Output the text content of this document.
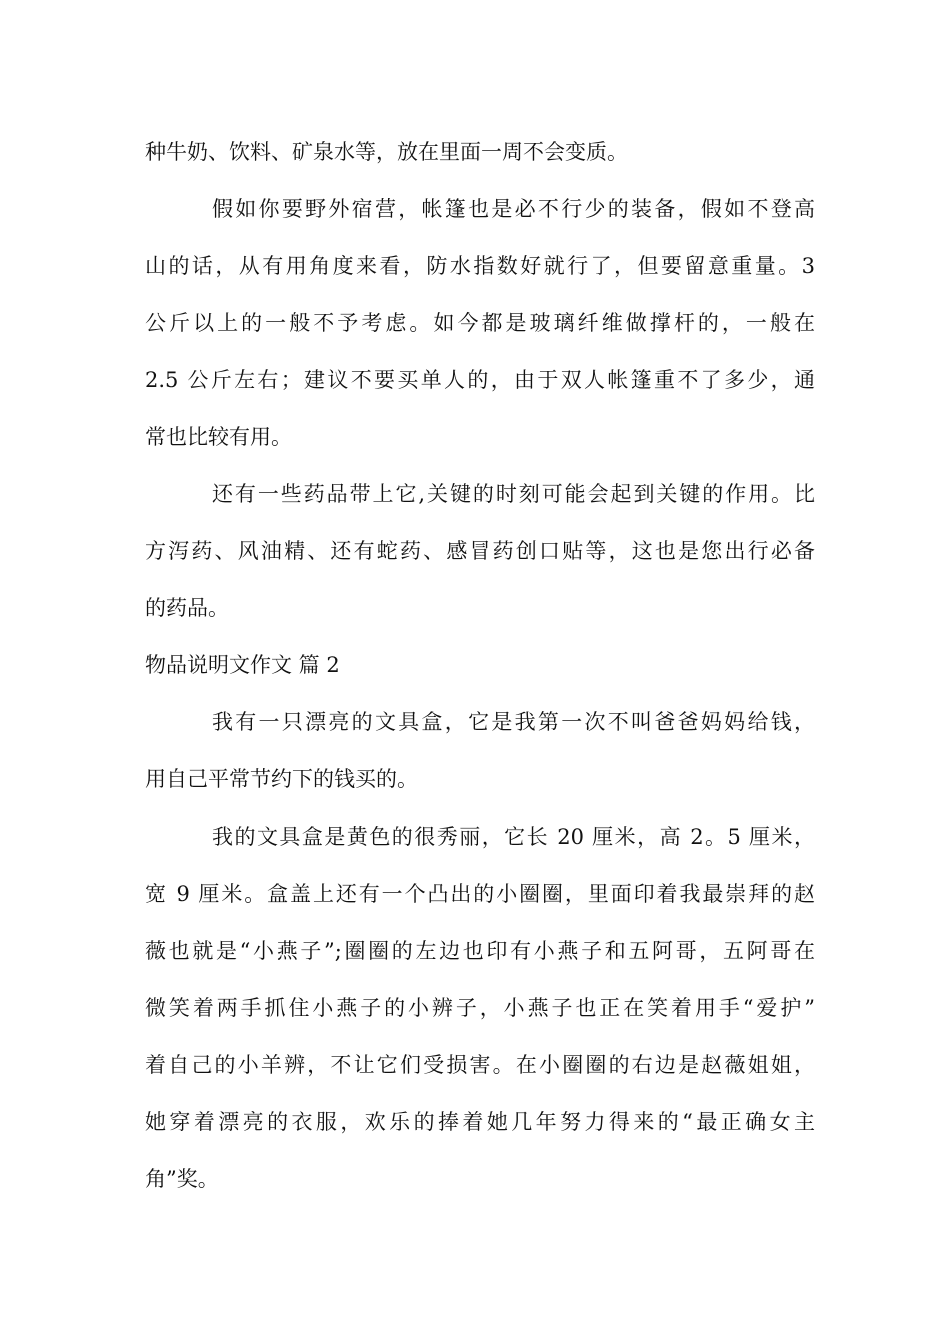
种牛奶、饮料、矿泉水等，放在里面一周不会变质。
假如你要野外宿营，帐篷也是必不行少的装备，假如不登高
山的话，从有用角度来看，防水指数好就行了，但要留意重量。3
公斤以上的一般不予考虑。如今都是玻璃纤维做撑杆的，一般在
2.5 公斤左右；建议不要买单人的，由于双人帐篷重不了多少，通
常也比较有用。
还有一些药品带上它,关键的时刻可能会起到关键的作用。比
方泻药、风油精、还有蛇药、感冒药创口贴等，这也是您出行必备
的药品。
物品说明文作文 篇 2
我有一只漂亮的文具盒，它是我第一次不叫爸爸妈妈给钱，
用自己平常节约下的钱买的。
我的文具盒是黄色的很秀丽，它长 20 厘米，高 2。5 厘米，
宽 9 厘米。盒盖上还有一个凸出的小圈圈，里面印着我最崇拜的赵
薇也就是“小燕子”;圈圈的左边也印有小燕子和五阿哥，五阿哥在
微笑着两手抓住小燕子的小辨子，小燕子也正在笑着用手“爱护”
着自己的小羊辨，不让它们受损害。在小圈圈的右边是赵薇姐姐，
她穿着漂亮的衣服，欢乐的捧着她几年努力得来的“最正确女主
角”奖。
